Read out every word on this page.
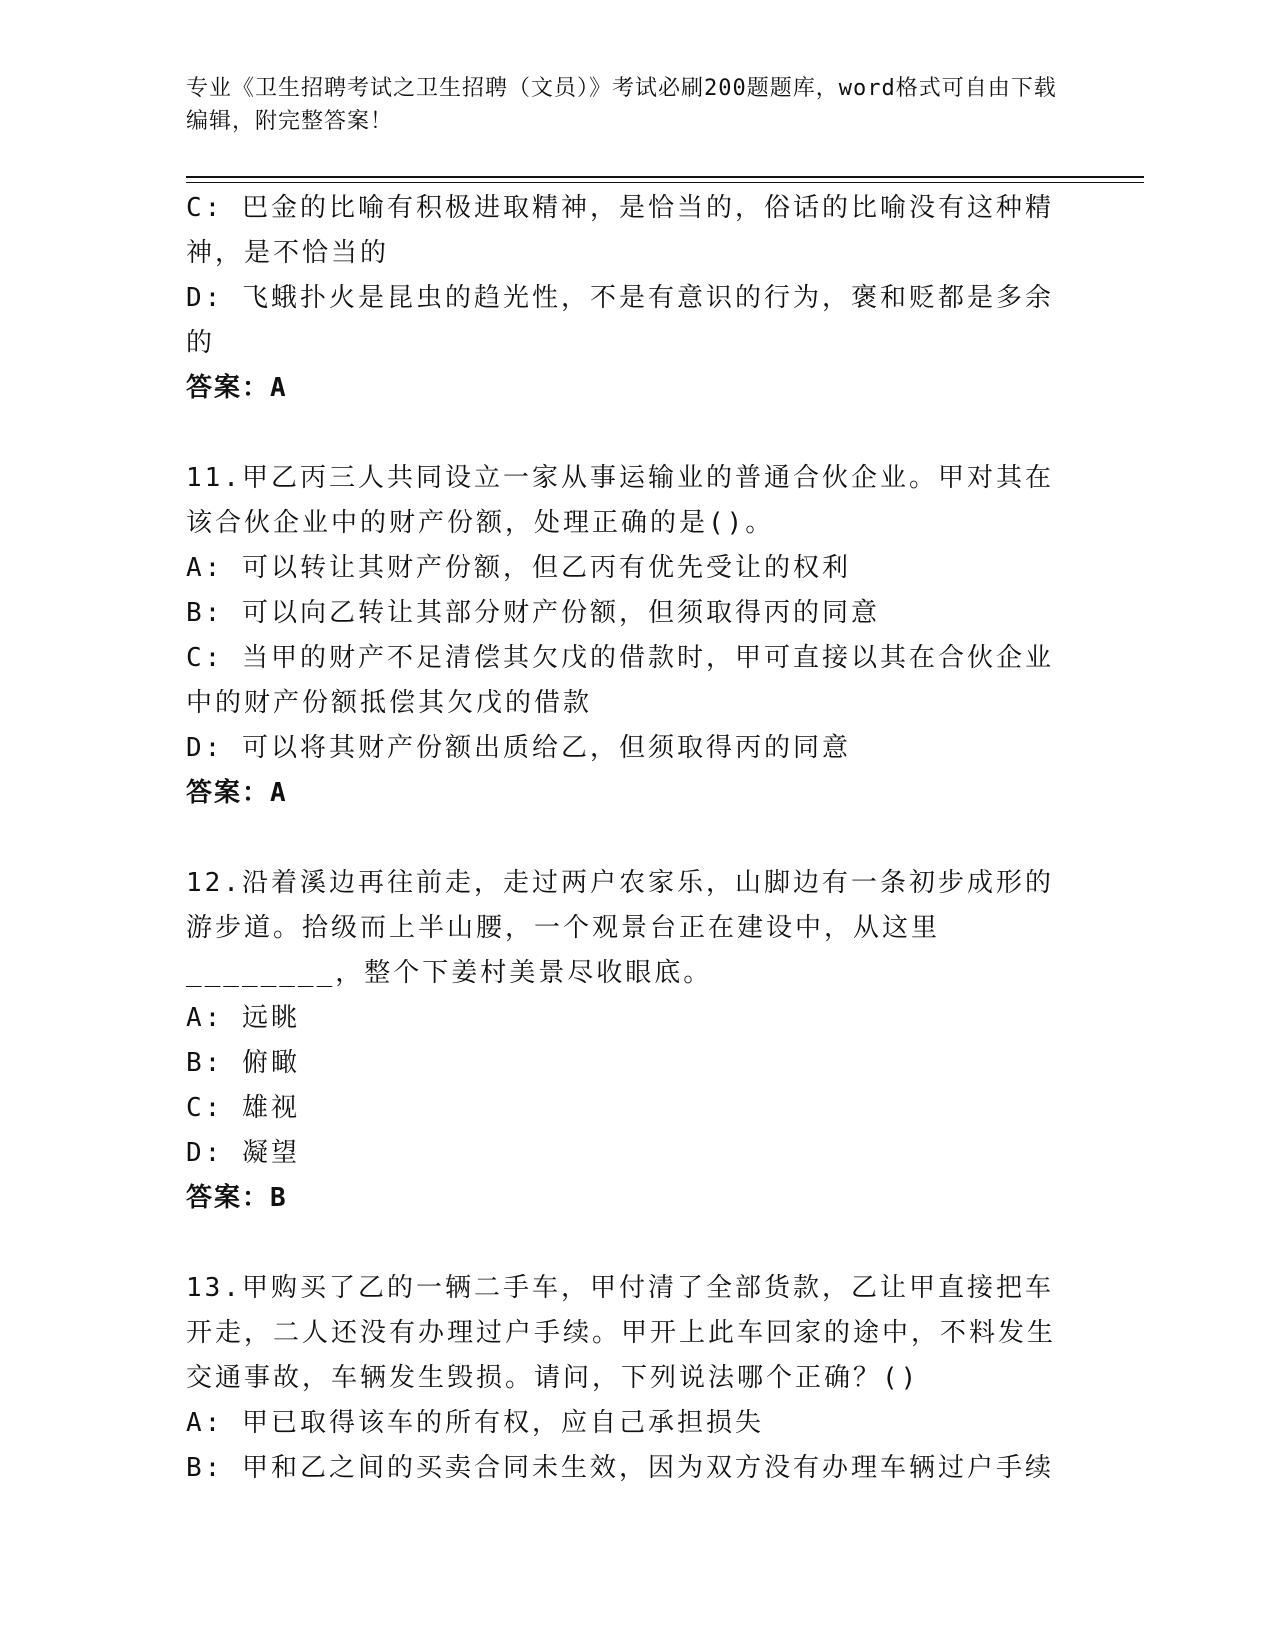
专业《卫生招聘考试之卫生招聘（文员）》考试必刷200题题库，word格式可自由下载编辑，附完整答案！

C: 巴金的比喻有积极进取精神，是恰当的，俗话的比喻没有这种精神，是不恰当的

D: 飞蛾扑火是昆虫的趋光性，不是有意识的行为，褒和贬都是多余的

答案：A

11.甲乙丙三人共同设立一家从事运输业的普通合伙企业。甲对其在该合伙企业中的财产份额，处理正确的是()。

A: 可以转让其财产份额，但乙丙有优先受让的权利

B: 可以向乙转让其部分财产份额，但须取得丙的同意

C: 当甲的财产不足清偿其欠戊的借款时，甲可直接以其在合伙企业中的财产份额抵偿其欠戊的借款

D: 可以将其财产份额出质给乙，但须取得丙的同意

答案：A

12.沿着溪边再往前走，走过两户农家乐，山脚边有一条初步成形的游步道。拾级而上半山腰，一个观景台正在建设中，从这里________，整个下姜村美景尽收眼底。

A: 远眺

B: 俯瞰

C: 雄视

D: 凝望

答案：B

13.甲购买了乙的一辆二手车，甲付清了全部货款，乙让甲直接把车开走，二人还没有办理过户手续。甲开上此车回家的途中，不料发生交通事故，车辆发生毁损。请问，下列说法哪个正确？()

A: 甲已取得该车的所有权，应自己承担损失

B: 甲和乙之间的买卖合同未生效，因为双方没有办理车辆过户手续
